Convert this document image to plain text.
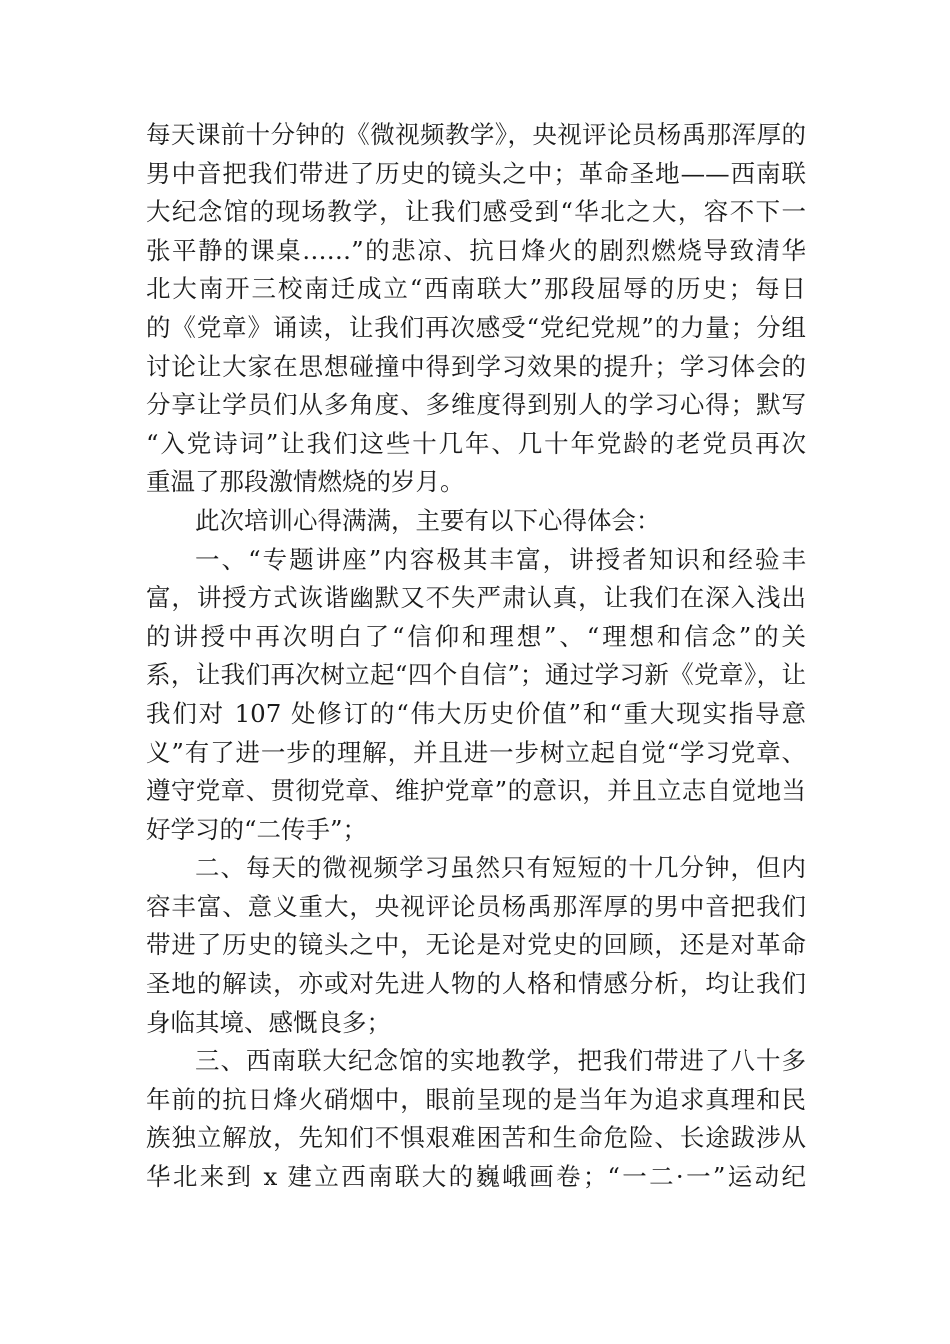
每天课前十分钟的《微视频教学》，央视评论员杨禹那浑厚的
男中音把我们带进了历史的镜头之中；革命圣地——西南联
大纪念馆的现场教学，让我们感受到“华北之大，容不下一
张平静的课桌……”的悲凉、抗日烽火的剧烈燃烧导致清华
北大南开三校南迁成立“西南联大”那段屈辱的历史；每日
的《党章》诵读，让我们再次感受“党纪党规”的力量；分组
讨论让大家在思想碰撞中得到学习效果的提升；学习体会的
分享让学员们从多角度、多维度得到别人的学习心得；默写
“入党诗词”让我们这些十几年、几十年党龄的老党员再次
重温了那段激情燃烧的岁月。
此次培训心得满满，主要有以下心得体会：
一、“专题讲座”内容极其丰富，讲授者知识和经验丰
富，讲授方式诙谐幽默又不失严肃认真，让我们在深入浅出
的讲授中再次明白了“信仰和理想”、“理想和信念”的关
系，让我们再次树立起“四个自信”；通过学习新《党章》，让
我们对 107 处修订的“伟大历史价值”和“重大现实指导意
义”有了进一步的理解，并且进一步树立起自觉“学习党章、
遵守党章、贯彻党章、维护党章”的意识，并且立志自觉地当
好学习的“二传手”；
二、每天的微视频学习虽然只有短短的十几分钟，但内
容丰富、意义重大，央视评论员杨禹那浑厚的男中音把我们
带进了历史的镜头之中，无论是对党史的回顾，还是对革命
圣地的解读，亦或对先进人物的人格和情感分析，均让我们
身临其境、感慨良多；
三、西南联大纪念馆的实地教学，把我们带进了八十多
年前的抗日烽火硝烟中，眼前呈现的是当年为追求真理和民
族独立解放，先知们不惧艰难困苦和生命危险、长途跋涉从
华北来到 x 建立西南联大的巍峨画卷；“一二·一”运动纪
